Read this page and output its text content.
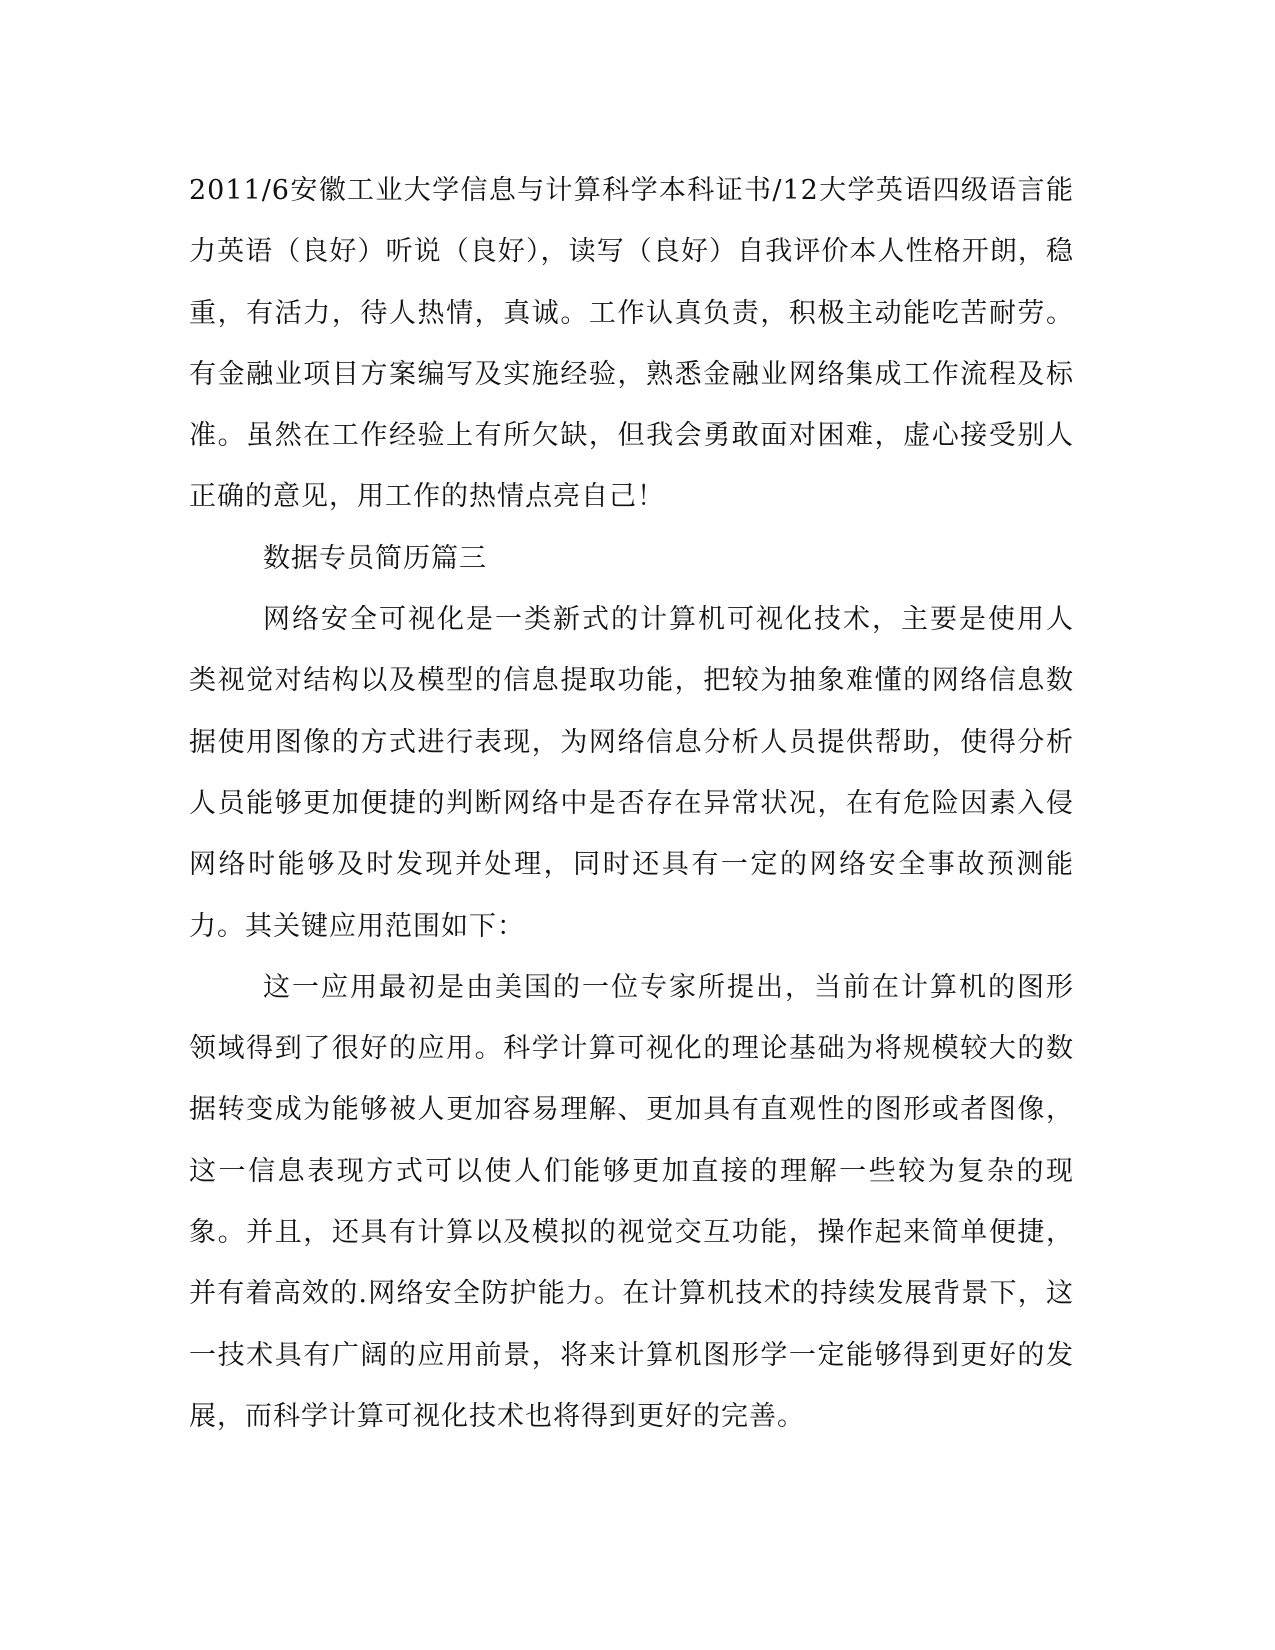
2011/6安徽工业大学信息与计算科学本科证书/12大学英语四级语言能力英语（良好）听说（良好），读写（良好）自我评价本人性格开朗，稳重，有活力，待人热情，真诚。工作认真负责，积极主动能吃苦耐劳。有金融业项目方案编写及实施经验，熟悉金融业网络集成工作流程及标准。虽然在工作经验上有所欠缺，但我会勇敢面对困难，虚心接受别人正确的意见，用工作的热情点亮自己！

数据专员简历篇三

网络安全可视化是一类新式的计算机可视化技术，主要是使用人类视觉对结构以及模型的信息提取功能，把较为抽象难懂的网络信息数据使用图像的方式进行表现，为网络信息分析人员提供帮助，使得分析人员能够更加便捷的判断网络中是否存在异常状况，在有危险因素入侵网络时能够及时发现并处理，同时还具有一定的网络安全事故预测能力。其关键应用范围如下：

这一应用最初是由美国的一位专家所提出，当前在计算机的图形领域得到了很好的应用。科学计算可视化的理论基础为将规模较大的数据转变成为能够被人更加容易理解、更加具有直观性的图形或者图像，这一信息表现方式可以使人们能够更加直接的理解一些较为复杂的现象。并且，还具有计算以及模拟的视觉交互功能，操作起来简单便捷，并有着高效的.网络安全防护能力。在计算机技术的持续发展背景下，这一技术具有广阔的应用前景，将来计算机图形学一定能够得到更好的发展，而科学计算可视化技术也将得到更好的完善。
